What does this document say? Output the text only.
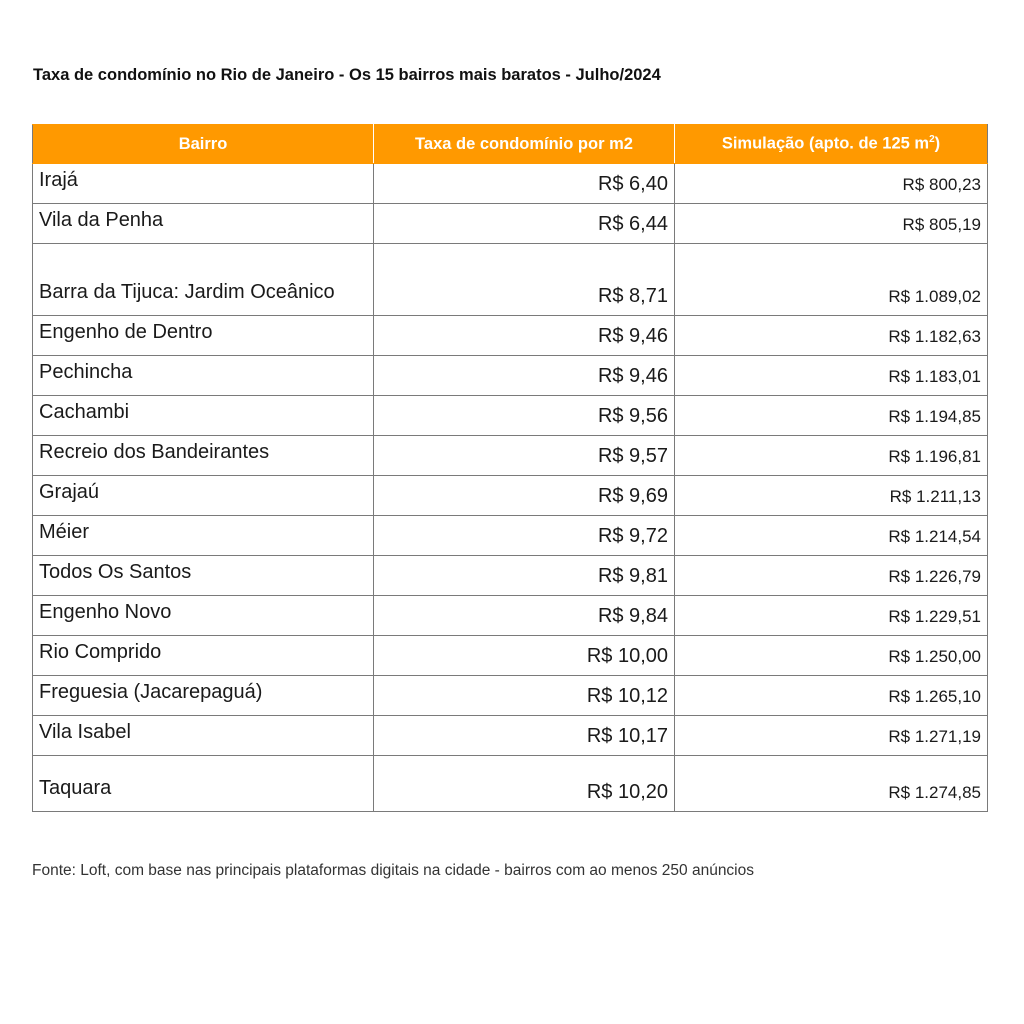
Taxa de condomínio no Rio de Janeiro - Os 15 bairros mais baratos - Julho/2024
Bairro	Taxa de condomínio por m2	Simulação (apto. de 125 $m^2$)
Irajá	R$ 6,40	R$ 800,23
Vila da Penha	R$ 6,44	R$ 805,19
Barra da Tijuca: Jardim Oceânico	R$ 8,71	R$ 1.089,02
Engenho de Dentro	R$ 9,46	R$ 1.182,63
Pechincha	R$ 9,46	R$ 1.183,01
Cachambi	R$ 9,56	R$ 1.194,85
Recreio dos Bandeirantes	R$ 9,57	R$ 1.196,81
Grajaú	R$ 9,69	R$ 1.211,13
Méier	R$ 9,72	R$ 1.214,54
Todos Os Santos	R$ 9,81	R$ 1.226,79
Engenho Novo	R$ 9,84	R$ 1.229,51
Rio Comprido	R$ 10,00	R$ 1.250,00
Freguesia (Jacarepaguá)	R$ 10,12	R$ 1.265,10
Vila Isabel	R$ 10,17	R$ 1.271,19
Taquara	R$ 10,20	R$ 1.274,85

Fonte: Loft, com base nas principais plataformas digitais na cidade - bairros com ao menos 250 anúncios
